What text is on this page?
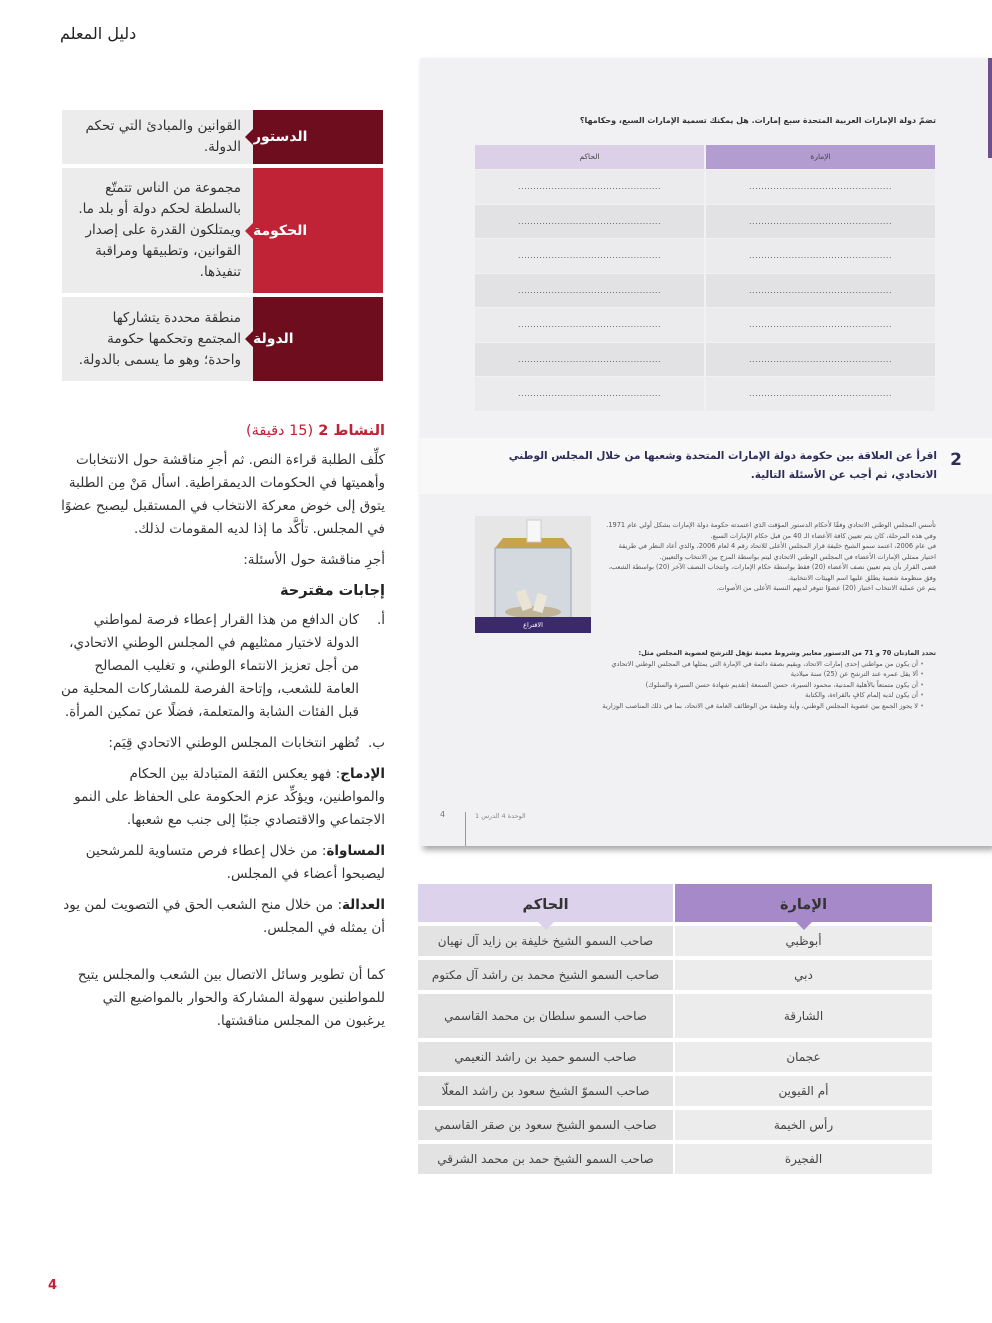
دليل المعلم
الدستور
القوانين والمبادئ التي تحكم الدولة.
الحكومة
مجموعة من الناس تتمتّع بالسلطة لحكم دولة أو بلد ما. ويمتلكون القدرة على إصدار القوانين، وتطبيقها ومراقبة تنفيذها.
الدولة
منطقة محددة يتشاركها المجتمع وتحكمها حكومة واحدة؛ وهو ما يسمى بالدولة.
النشاط 2 (15 دقيقة)

كلِّف الطلبة قراءة النص. ثم أجرِ مناقشة حول الانتخابات وأهميتها في الحكومات الديمقراطية. اسأل مَنْ مِن الطلبة يتوق إلى خوض معركة الانتخاب في المستقبل ليصبح عضوًا في المجلس. تأكَّد ما إذا لديه المقومات لذلك.

أجرِ مناقشة حول الأسئلة:

إجابات مقترحة
أ.
كان الدافع من هذا القرار إعطاء فرصة لمواطني الدولة لاختيار ممثليهم في المجلس الوطني الاتحادي، من أجل تعزيز الانتماء الوطني، و تغليب المصالح العامة للشعب، وإتاحة الفرصة للمشاركات المحلية من قبل الفئات الشابة والمتعلمة، فضلًا عن تمكين المرأة.
ب.
تُظهر انتخابات المجلس الوطني الاتحادي قِيَم:

الإدماج: فهو يعكس الثقة المتبادلة بين الحكام والمواطنين، ويؤكِّد عزم الحكومة على الحفاظ على النمو الاجتماعي والاقتصادي جنبًا إلى جنب مع شعبها.

المساواة: من خلال إعطاء فرص متساوية للمرشحين ليصبحوا أعضاء في المجلس.

العدالة: من خلال منح الشعب الحق في التصويت لمن يود أن يمثله في المجلس.

كما أن تطوير وسائل الاتصال بين الشعب والمجلس يتيح للمواطنين سهولة المشاركة والحوار بالمواضيع التي يرغبون من المجلس مناقشتها.

تضمّ دولة الإمارات العربية المتحدة سبع إمارات. هل يمكنك تسمية الإمارات السبع، وحكامها؟
الإمارة
الحاكم
...............................................
...............................................
...............................................
...............................................
...............................................
...............................................
...............................................
...............................................
...............................................
...............................................
...............................................
...............................................
...............................................
...............................................
2
اقرأ عن العلاقة بين حكومة دولة الإمارات المتحدة وشعبها من خلال المجلس الوطني الاتحادي، ثم أجب عن الأسئلة التالية.
الاقتراع

تأسس المجلس الوطني الاتحادي وفقًا لأحكام الدستور المؤقت الذي اعتمدته حكومة دولة الإمارات بشكل أولي عام 1971. وفي هذه المرحلة، كان يتم تعيين كافة الأعضاء الـ 40 من قبل حكام الإمارات السبع.

في عام 2006، اعتمد سمو الشيخ خليفة قرار المجلس الأعلى للاتحاد رقم 4 لعام 2006، والذي أعاد النظر في طريقة اختيار ممثلي الإمارات الأعضاء في المجلس الوطني الاتحادي ليتم بواسطة المزج بين الانتخاب والتعيين.

قضى القرار بأن يتم تعيين نصف الأعضاء (20) فقط بواسطة حكام الإمارات، وانتخاب النصف الآخر (20) بواسطة الشعب، وفق منظومة شعبية يطلق عليها اسم الهيئات الانتخابية.

يتم عن عملية الانتخاب اختيار (20) عضوًا تتوفر لديهم النسبة الأعلى من الأصوات.

تحدد المادتان 70 و 71 من الدستور معايير وشروط معينة تؤهل للترشح لعضوية المجلس مثل:
• أن يكون من مواطني إحدى إمارات الاتحاد، ويقيم بصفة دائمة في الإمارة التي يمثلها في المجلس الوطني الاتحادي
• ألا يقل عمره عند الترشح عن (25) سنة ميلادية
• أن يكون متمتعاً بالأهلية المدنية، محمود السيرة، حسن السمعة (تقديم شهادة حسن السيرة والسلوك)
• أن يكون لديه إلمام كافٍ بالقراءة، والكتابة
• لا يجوز الجمع بين عضوية المجلس الوطني، وأية وظيفة من الوظائف العامة في الاتحاد، بما في ذلك المناصب الوزارية
4	الوحدة 4 الدرس 1
الإمارة
الحاكم
أبوظبي
صاحب السمو الشيخ خليفة بن زايد آل نهيان
دبي
صاحب السمو الشيخ محمد بن راشد آل مكتوم
الشارقة
صاحب السمو سلطان بن محمد القاسمي
عجمان
صاحب السمو حميد بن راشد النعيمي
أم القيوين
صاحب السموّ الشيخ سعود بن راشد المعلّا
رأس الخيمة
صاحب السمو الشيخ سعود بن صقر القاسمي
الفجيرة
صاحب السمو الشيخ حمد بن محمد الشرقي
4
